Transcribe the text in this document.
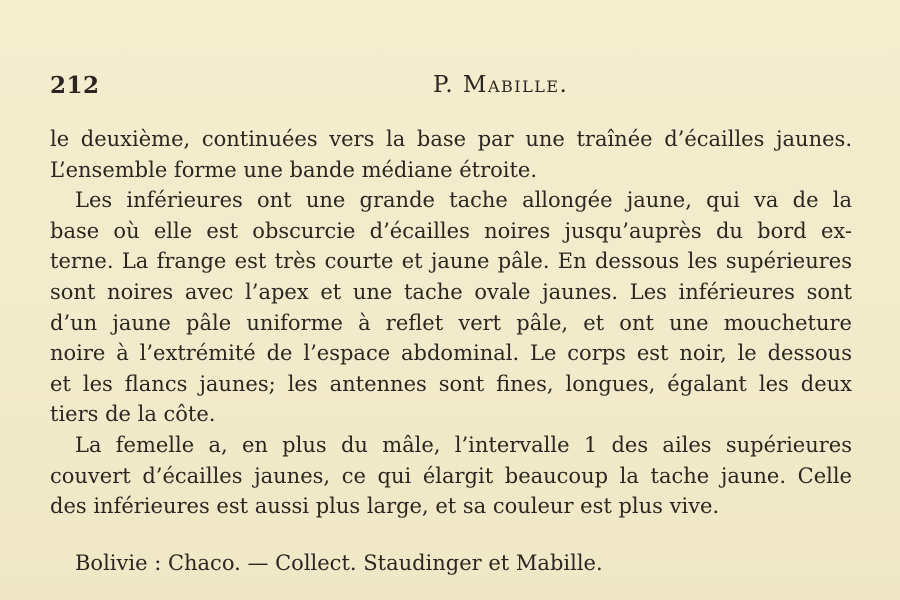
212	P. Mabille.
le deuxième, continuées vers la base par une traînée d’écailles jaunes.
L’ensemble forme une bande médiane étroite.
Les inférieures ont une grande tache allongée jaune, qui va de la
base où elle est obscurcie d’écailles noires jusqu’auprès du bord ex-
terne. La frange est très courte et jaune pâle. En dessous les supérieures
sont noires avec l’apex et une tache ovale jaunes. Les inférieures sont
d’un jaune pâle uniforme à reflet vert pâle, et ont une moucheture
noire à l’extrémité de l’espace abdominal. Le corps est noir, le dessous
et les flancs jaunes; les antennes sont fines, longues, égalant les deux
tiers de la côte.
La femelle a, en plus du mâle, l’intervalle 1 des ailes supérieures
couvert d’écailles jaunes, ce qui élargit beaucoup la tache jaune. Celle
des inférieures est aussi plus large, et sa couleur est plus vive.
Bolivie : Chaco. — Collect. Staudinger et Mabille.
